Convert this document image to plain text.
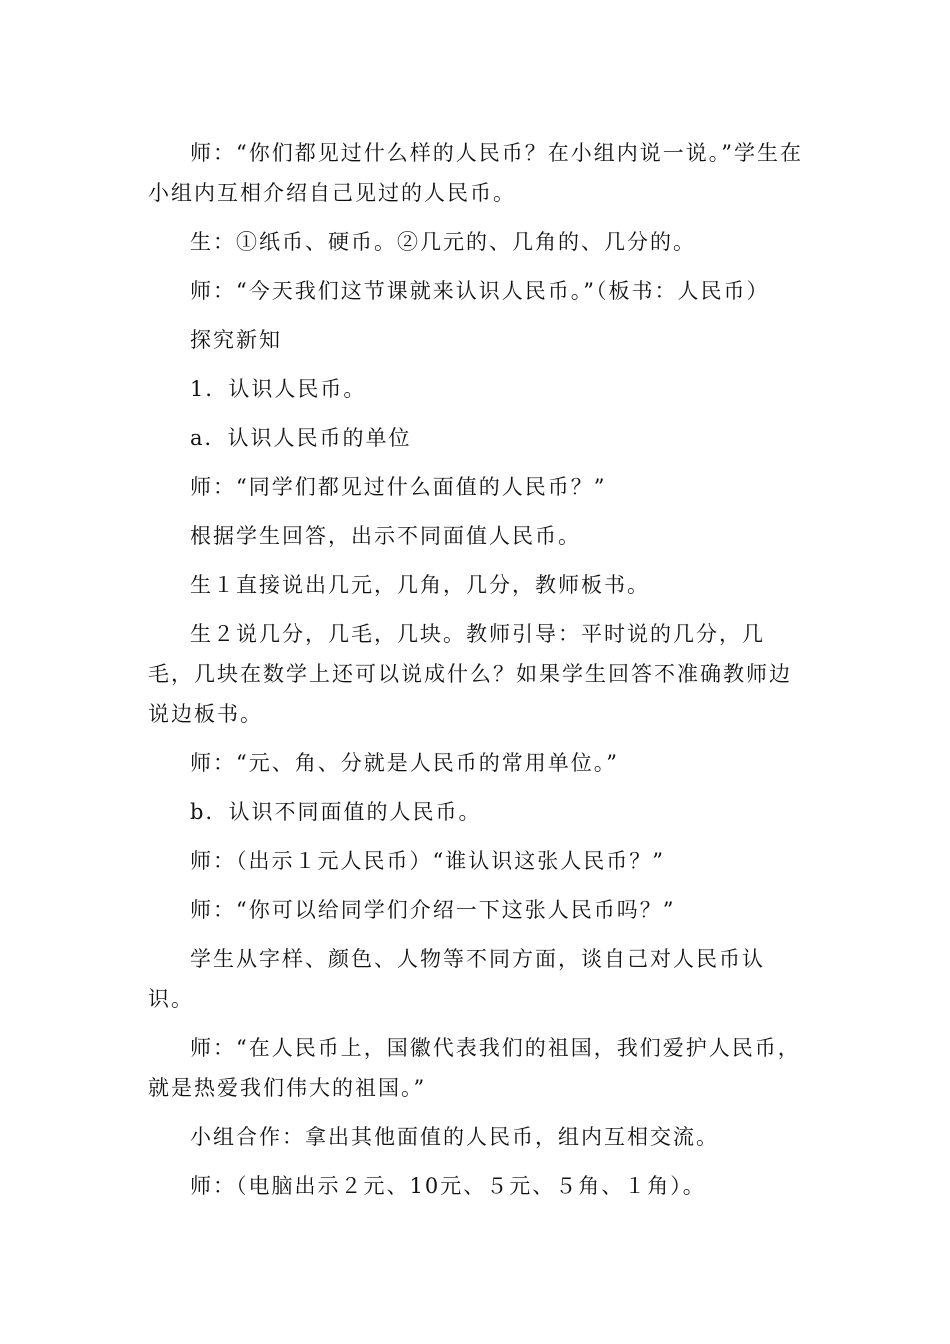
师：“你们都见过什么样的人民币？在小组内说一说。”学生在小组内互相介绍自己见过的人民币。

生：①纸币、硬币。②几元的、几角的、几分的。

师：“今天我们这节课就来认识人民币。”（板书：人民币）

探究新知

1．认识人民币。

a．认识人民币的单位

师：“同学们都见过什么面值的人民币？”

根据学生回答，出示不同面值人民币。

生１直接说出几元，几角，几分，教师板书。

生２说几分，几毛，几块。教师引导：平时说的几分，几毛，几块在数学上还可以说成什么？如果学生回答不准确教师边说边板书。

师：“元、角、分就是人民币的常用单位。”

b．认识不同面值的人民币。

师：（出示１元人民币）“谁认识这张人民币？”

师：“你可以给同学们介绍一下这张人民币吗？”

学生从字样、颜色、人物等不同方面，谈自己对人民币认识。

师：“在人民币上，国徽代表我们的祖国，我们爱护人民币，就是热爱我们伟大的祖国。”

小组合作：拿出其他面值的人民币，组内互相交流。

师：（电脑出示２元、10元、５元、５角、１角）。
